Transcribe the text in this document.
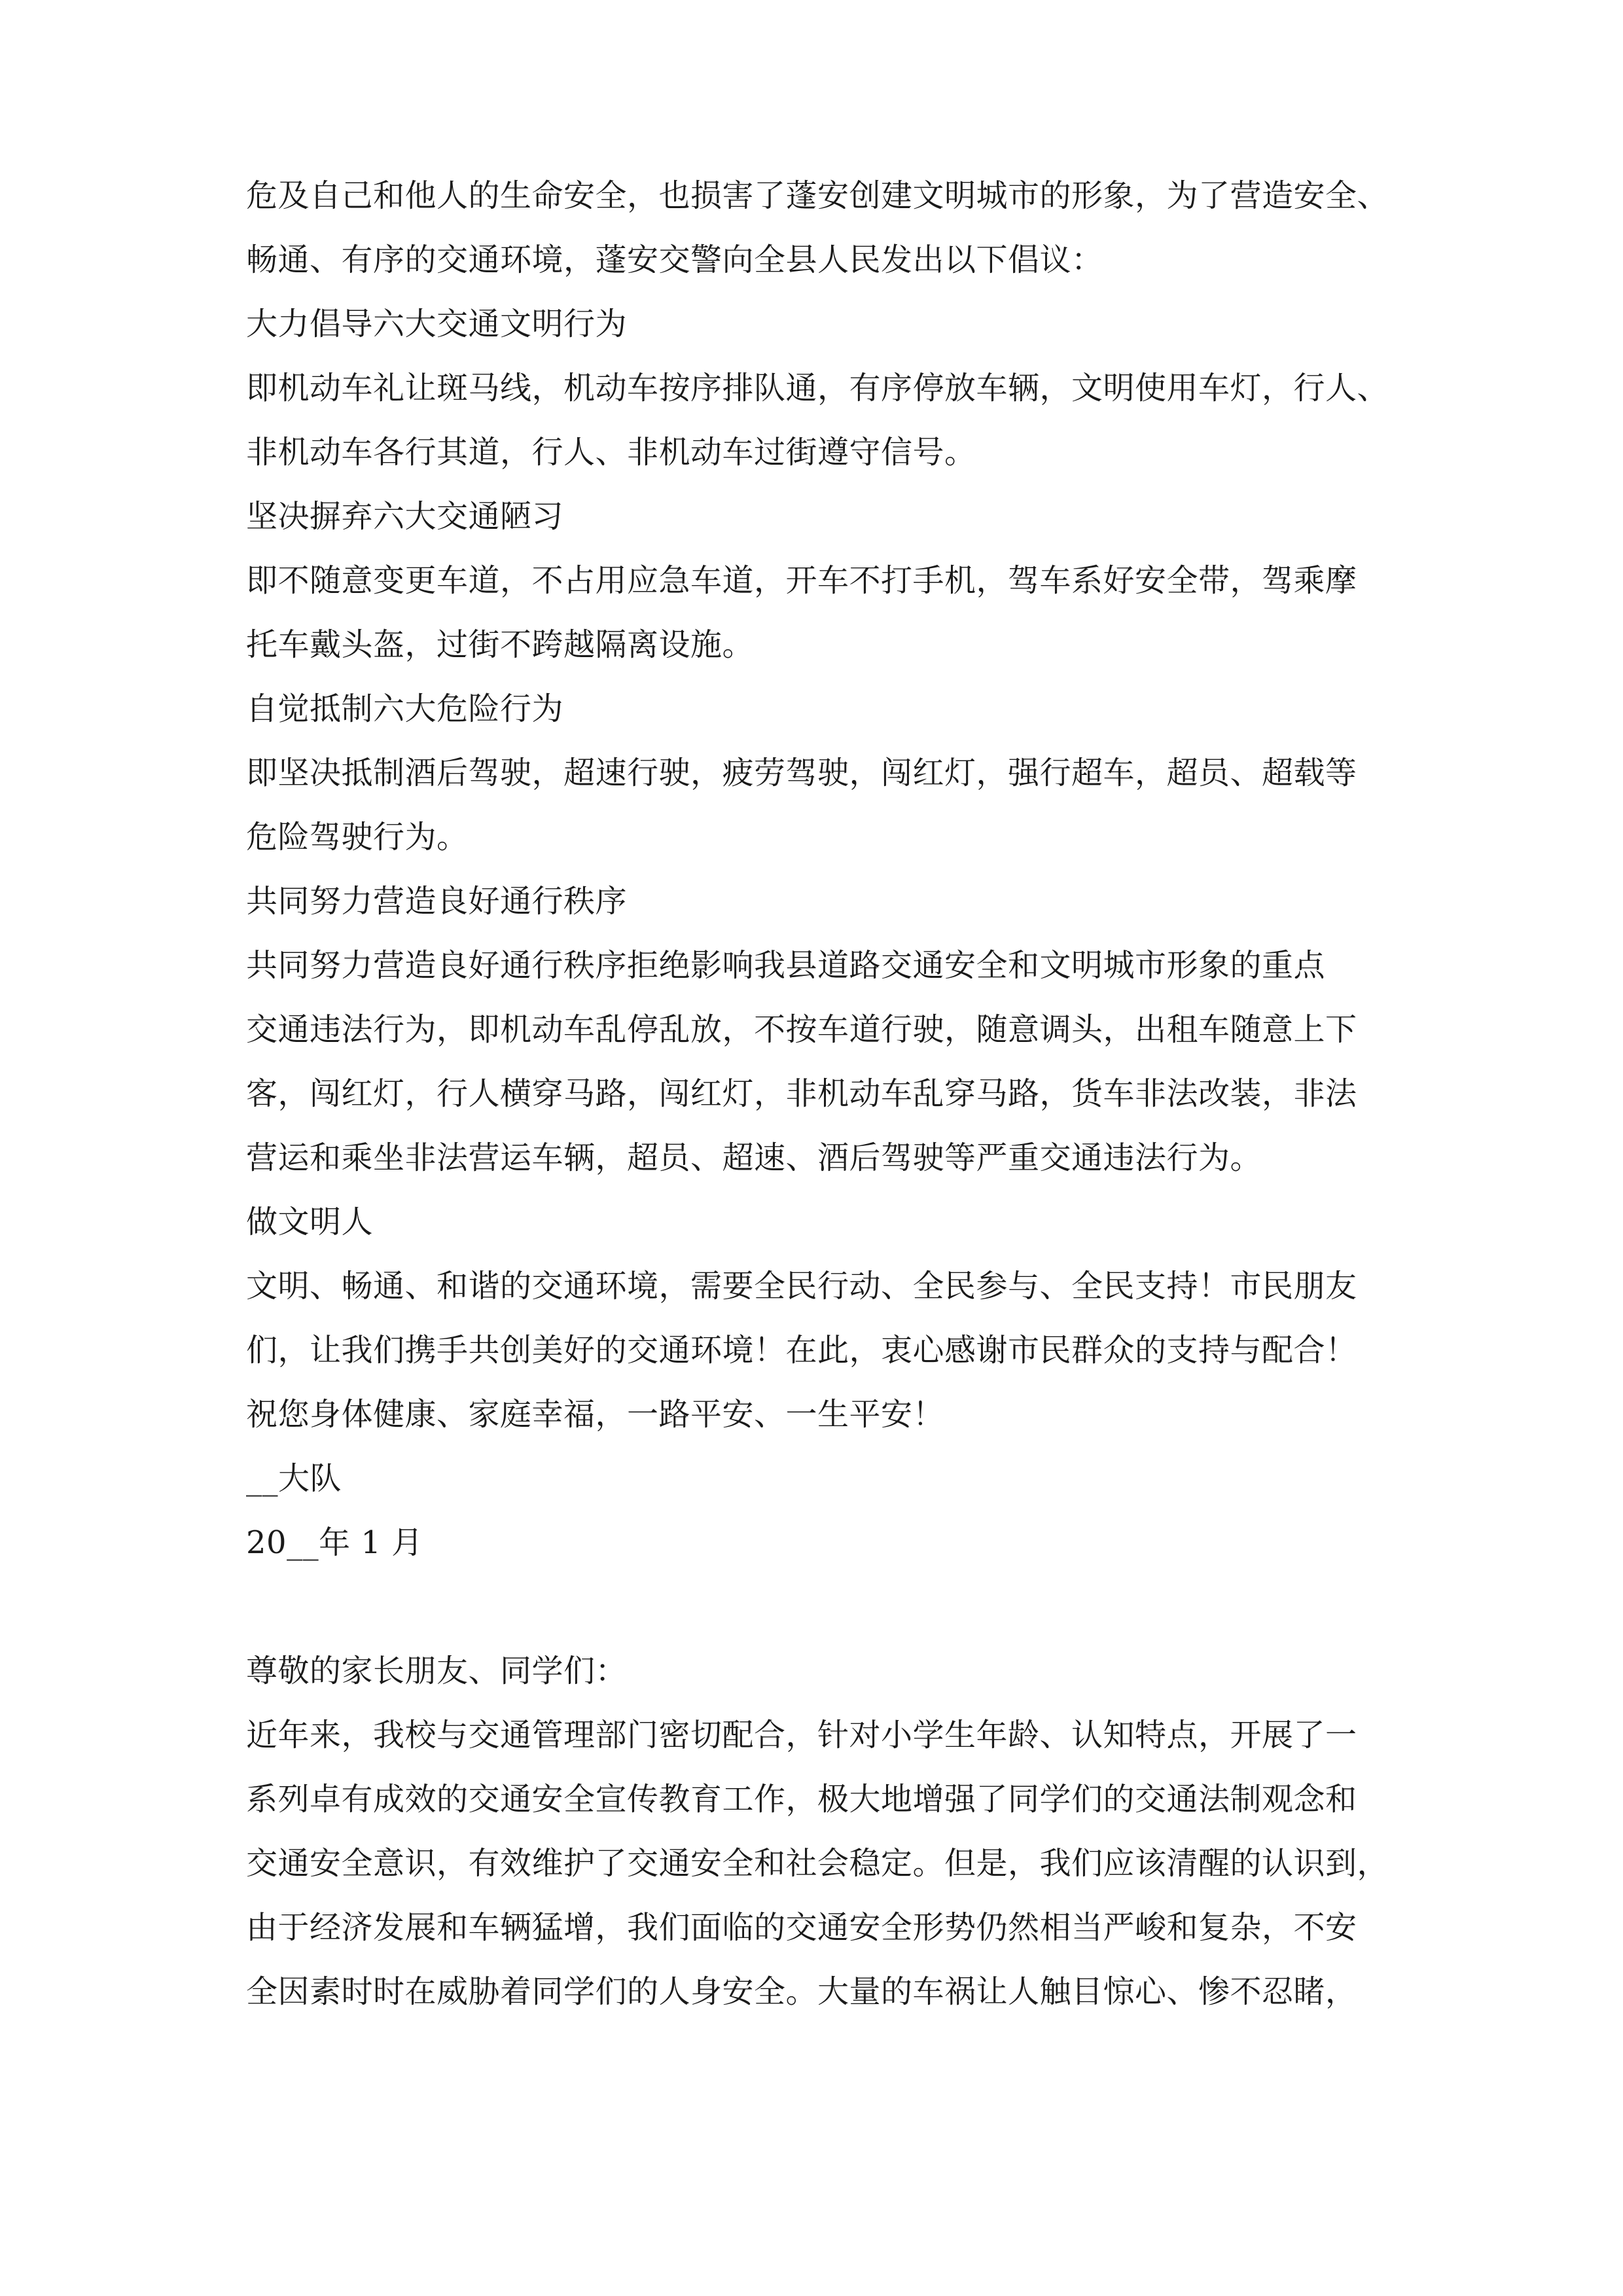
危及自己和他人的生命安全，也损害了蓬安创建文明城市的形象，为了营造安全、
畅通、有序的交通环境，蓬安交警向全县人民发出以下倡议：
大力倡导六大交通文明行为
即机动车礼让斑马线，机动车按序排队通，有序停放车辆，文明使用车灯，行人、
非机动车各行其道，行人、非机动车过街遵守信号。
坚决摒弃六大交通陋习
即不随意变更车道，不占用应急车道，开车不打手机，驾车系好安全带，驾乘摩
托车戴头盔，过街不跨越隔离设施。
自觉抵制六大危险行为
即坚决抵制酒后驾驶，超速行驶，疲劳驾驶，闯红灯，强行超车，超员、超载等
危险驾驶行为。
共同努力营造良好通行秩序
共同努力营造良好通行秩序拒绝影响我县道路交通安全和文明城市形象的重点
交通违法行为，即机动车乱停乱放，不按车道行驶，随意调头，出租车随意上下
客，闯红灯，行人横穿马路，闯红灯，非机动车乱穿马路，货车非法改装，非法
营运和乘坐非法营运车辆，超员、超速、酒后驾驶等严重交通违法行为。
做文明人
文明、畅通、和谐的交通环境，需要全民行动、全民参与、全民支持！市民朋友
们，让我们携手共创美好的交通环境！在此，衷心感谢市民群众的支持与配合！
祝您身体健康、家庭幸福，一路平安、一生平安！
__大队
20__年 1 月
尊敬的家长朋友、同学们：
近年来，我校与交通管理部门密切配合，针对小学生年龄、认知特点，开展了一
系列卓有成效的交通安全宣传教育工作，极大地增强了同学们的交通法制观念和
交通安全意识，有效维护了交通安全和社会稳定。但是，我们应该清醒的认识到，
由于经济发展和车辆猛增，我们面临的交通安全形势仍然相当严峻和复杂，不安
全因素时时在威胁着同学们的人身安全。大量的车祸让人触目惊心、惨不忍睹，
